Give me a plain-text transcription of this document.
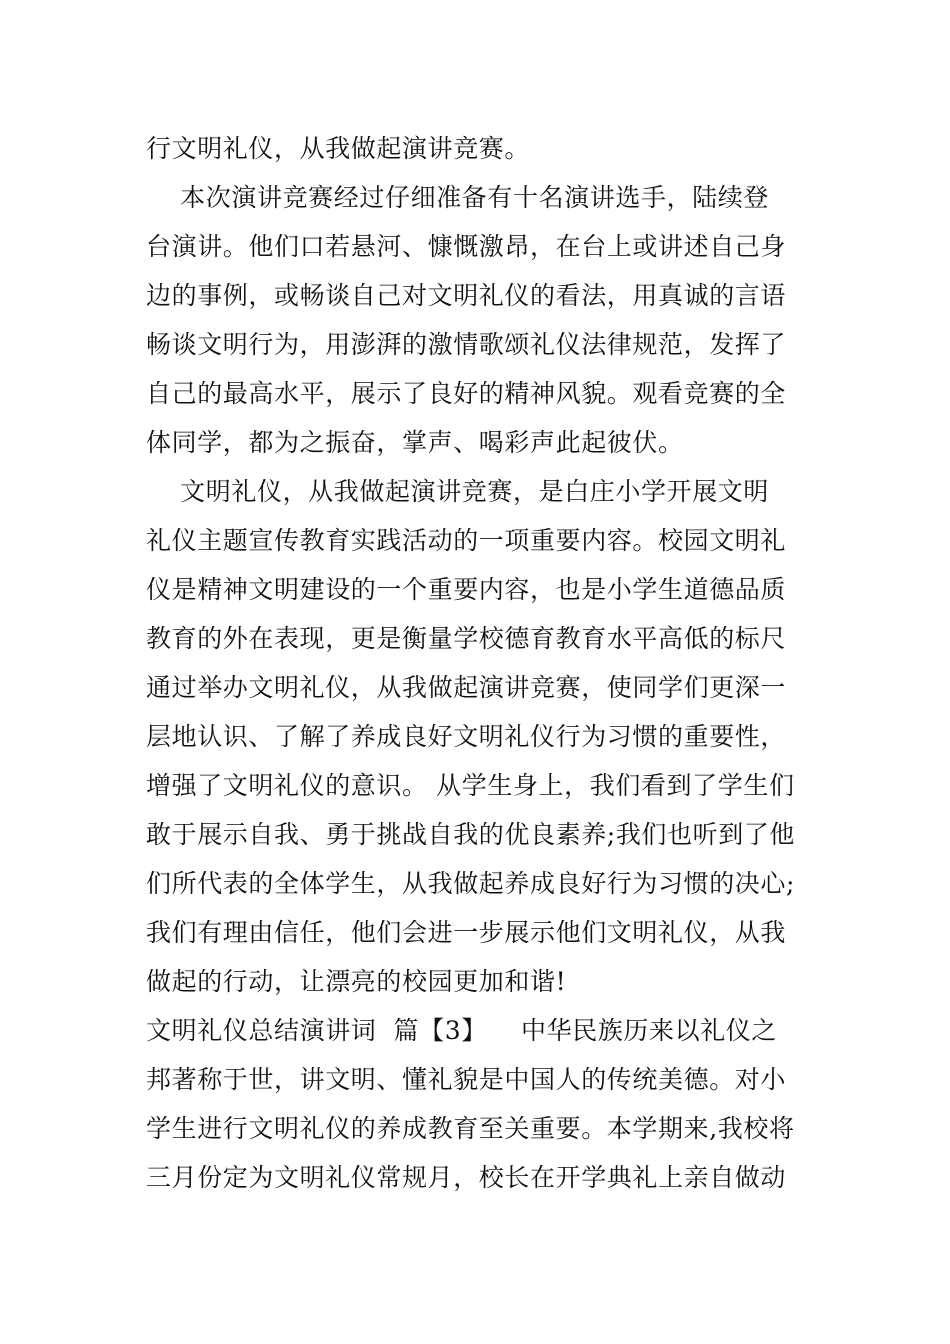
行文明礼仪，从我做起演讲竞赛。
本次演讲竞赛经过仔细准备有十名演讲选手，陆续登
台演讲。他们口若悬河、慷慨激昂，在台上或讲述自己身
边的事例，或畅谈自己对文明礼仪的看法，用真诚的言语
畅谈文明行为，用澎湃的激情歌颂礼仪法律规范，发挥了
自己的最高水平，展示了良好的精神风貌。观看竞赛的全
体同学，都为之振奋，掌声、喝彩声此起彼伏。
文明礼仪，从我做起演讲竞赛，是白庄小学开展文明
礼仪主题宣传教育实践活动的一项重要内容。校园文明礼
仪是精神文明建设的一个重要内容，也是小学生道德品质
教育的外在表现，更是衡量学校德育教育水平高低的标尺
通过举办文明礼仪，从我做起演讲竞赛，使同学们更深一
层地认识、了解了养成良好文明礼仪行为习惯的重要性，
增强了文明礼仪的意识。 从学生身上，我们看到了学生们
敢于展示自我、勇于挑战自我的优良素养;我们也听到了他
们所代表的全体学生，从我做起养成良好行为习惯的决心;
我们有理由信任，他们会进一步展示他们文明礼仪，从我
做起的行动，让漂亮的校园更加和谐!
文明礼仪总结演讲词  篇【3】    中华民族历来以礼仪之
邦著称于世，讲文明、懂礼貌是中国人的传统美德。对小
学生进行文明礼仪的养成教育至关重要。本学期来,我校将
三月份定为文明礼仪常规月，校长在开学典礼上亲自做动
